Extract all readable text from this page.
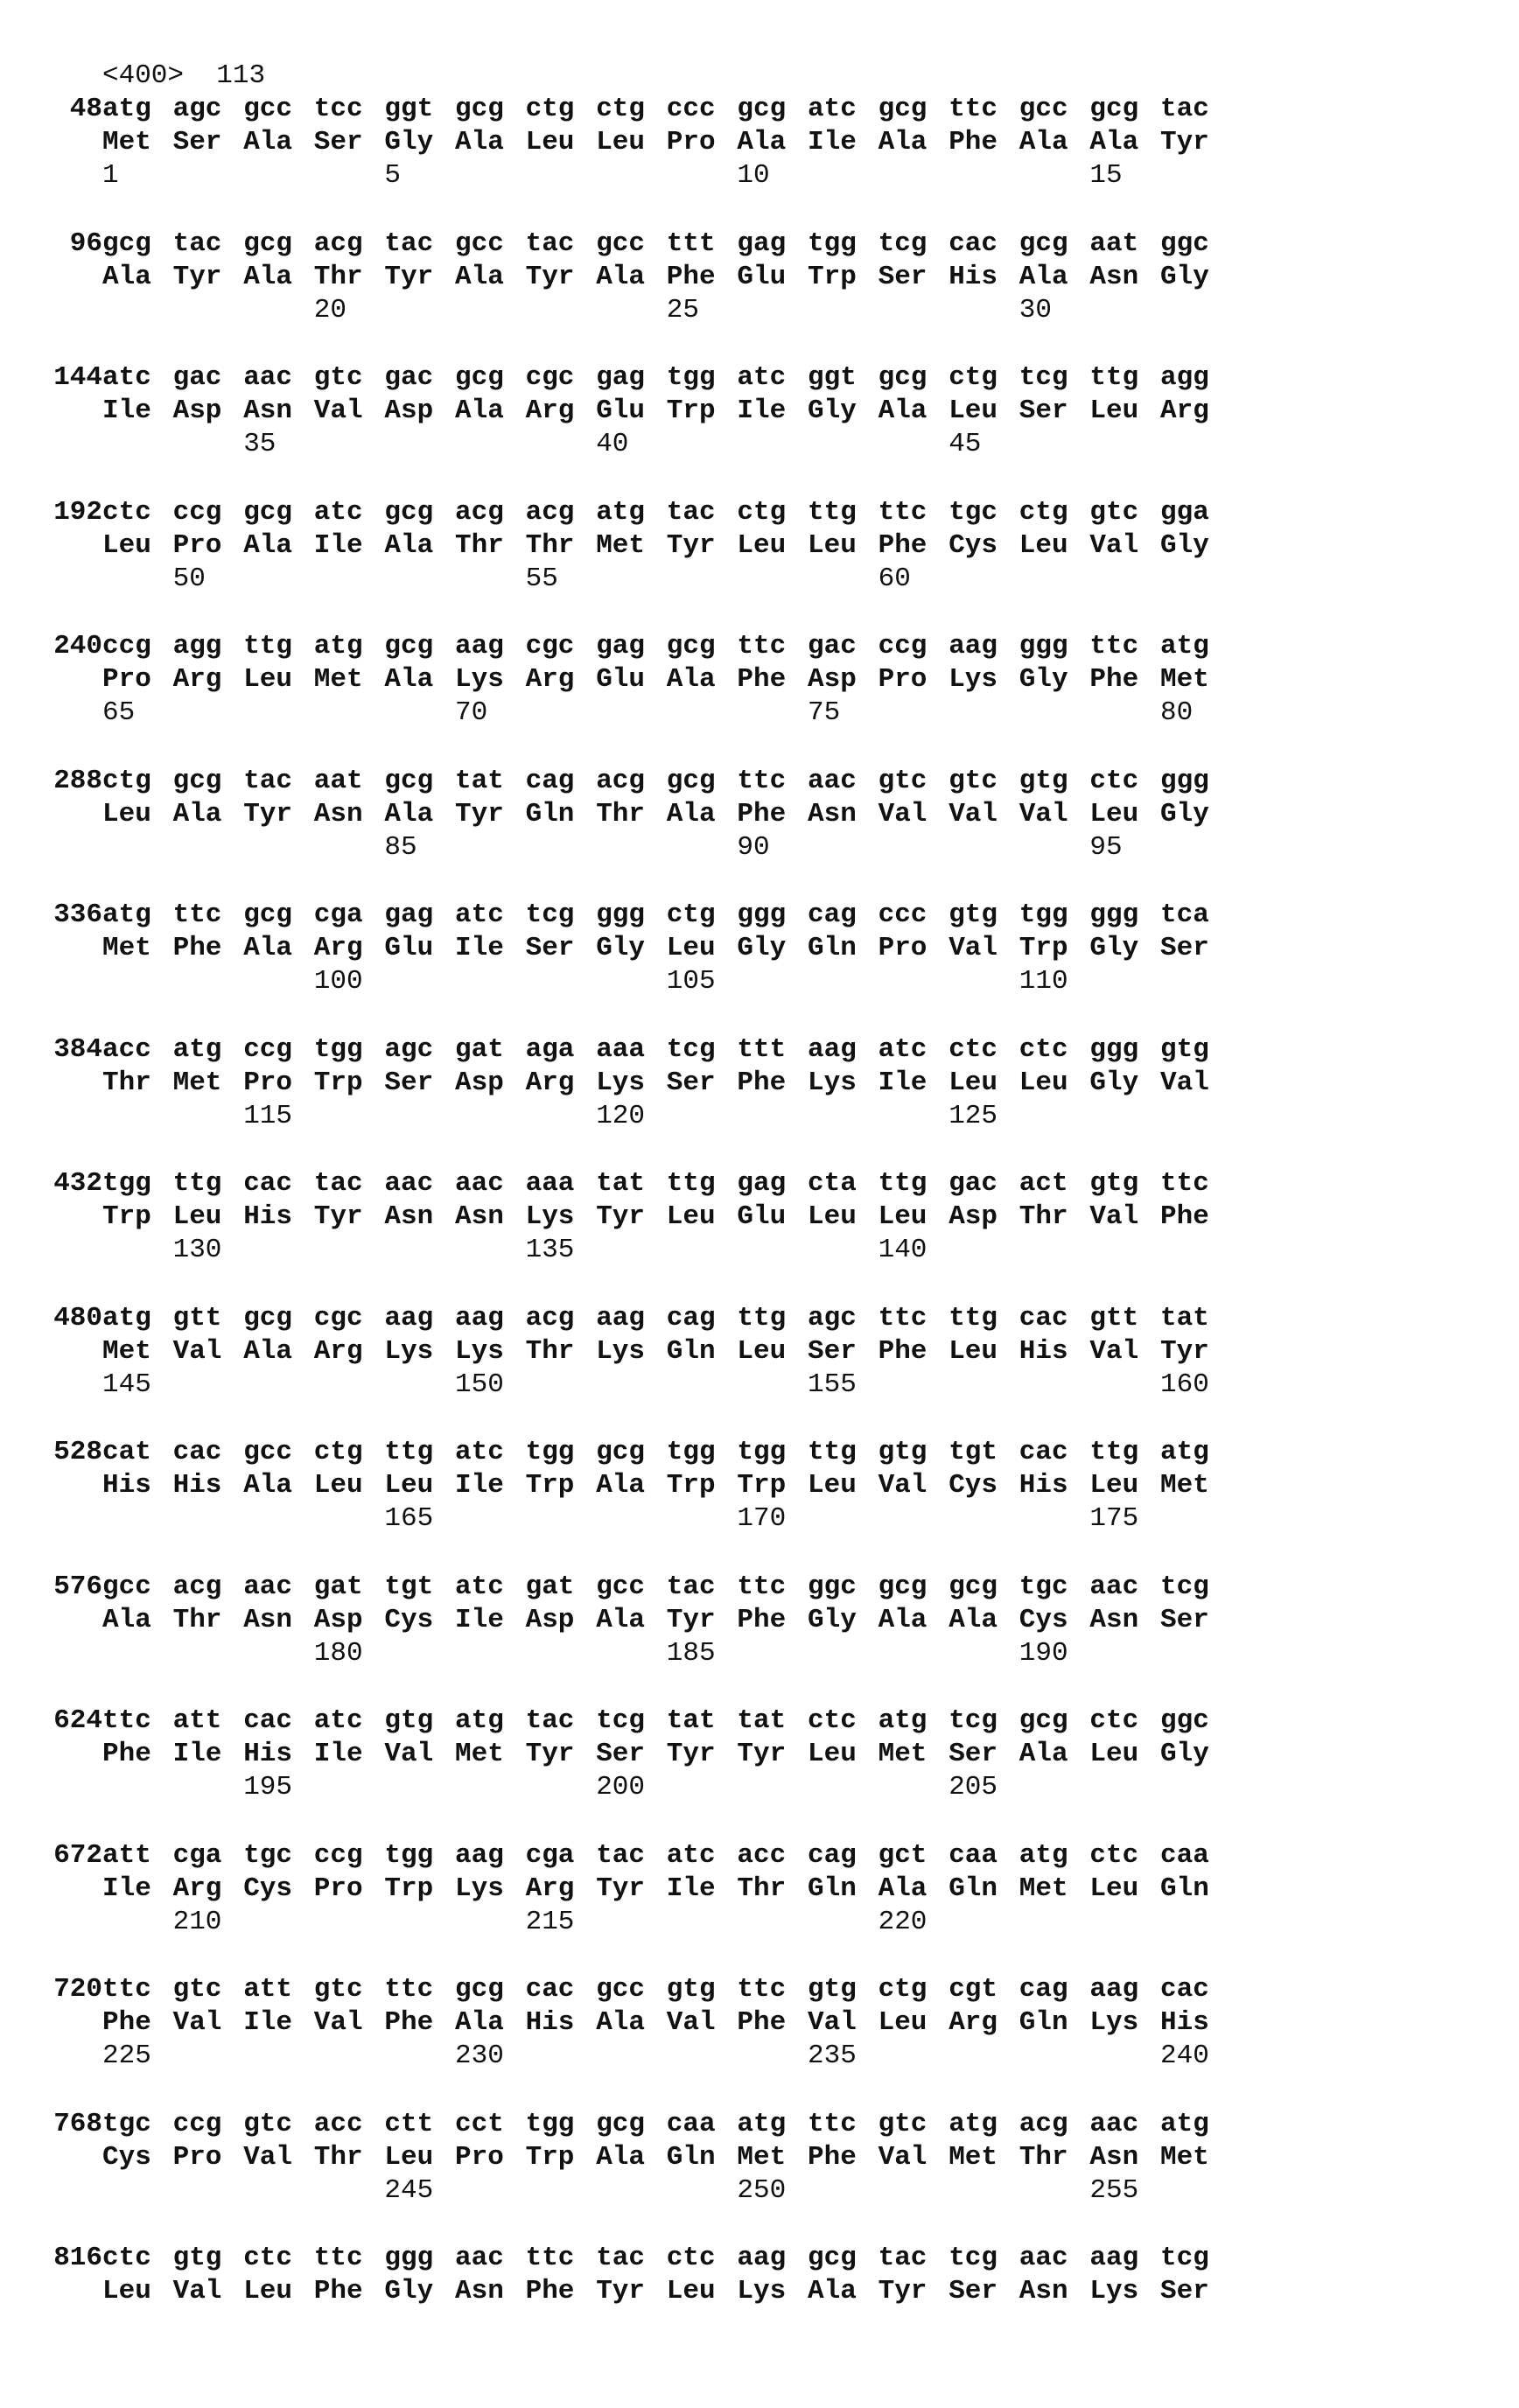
<400> 113
atg agc gcc tcc ggt gcg ctg ctg ccc gcg atc gcg ttc gcc gcg tac
48
Met Ser Ala Ser Gly Ala Leu Leu Pro Ala Ile Ala Phe Ala Ala Tyr
1	5	10	15
gcg tac gcg acg tac gcc tac gcc ttt gag tgg tcg cac gcg aat ggc
96
Ala Tyr Ala Thr Tyr Ala Tyr Ala Phe Glu Trp Ser His Ala Asn Gly
20	25	30
atc gac aac gtc gac gcg cgc gag tgg atc ggt gcg ctg tcg ttg agg
144
Ile Asp Asn Val Asp Ala Arg Glu Trp Ile Gly Ala Leu Ser Leu Arg
35	40	45
ctc ccg gcg atc gcg acg acg atg tac ctg ttg ttc tgc ctg gtc gga
192
Leu Pro Ala Ile Ala Thr Thr Met Tyr Leu Leu Phe Cys Leu Val Gly
50	55	60
ccg agg ttg atg gcg aag cgc gag gcg ttc gac ccg aag ggg ttc atg
240
Pro Arg Leu Met Ala Lys Arg Glu Ala Phe Asp Pro Lys Gly Phe Met
65	70	75	80
ctg gcg tac aat gcg tat cag acg gcg ttc aac gtc gtc gtg ctc ggg
288
Leu Ala Tyr Asn Ala Tyr Gln Thr Ala Phe Asn Val Val Val Leu Gly
85	90	95
atg ttc gcg cga gag atc tcg ggg ctg ggg cag ccc gtg tgg ggg tca
336
Met Phe Ala Arg Glu Ile Ser Gly Leu Gly Gln Pro Val Trp Gly Ser
100	105	110
acc atg ccg tgg agc gat aga aaa tcg ttt aag atc ctc ctc ggg gtg
384
Thr Met Pro Trp Ser Asp Arg Lys Ser Phe Lys Ile Leu Leu Gly Val
115	120	125
tgg ttg cac tac aac aac aaa tat ttg gag cta ttg gac act gtg ttc
432
Trp Leu His Tyr Asn Asn Lys Tyr Leu Glu Leu Leu Asp Thr Val Phe
130	135	140
atg gtt gcg cgc aag aag acg aag cag ttg agc ttc ttg cac gtt tat
480
Met Val Ala Arg Lys Lys Thr Lys Gln Leu Ser Phe Leu His Val Tyr
145	150	155	160
cat cac gcc ctg ttg atc tgg gcg tgg tgg ttg gtg tgt cac ttg atg
528
His His Ala Leu Leu Ile Trp Ala Trp Trp Leu Val Cys His Leu Met
165	170	175
gcc acg aac gat tgt atc gat gcc tac ttc ggc gcg gcg tgc aac tcg
576
Ala Thr Asn Asp Cys Ile Asp Ala Tyr Phe Gly Ala Ala Cys Asn Ser
180	185	190
ttc att cac atc gtg atg tac tcg tat tat ctc atg tcg gcg ctc ggc
624
Phe Ile His Ile Val Met Tyr Ser Tyr Tyr Leu Met Ser Ala Leu Gly
195	200	205
att cga tgc ccg tgg aag cga tac atc acc cag gct caa atg ctc caa
672
Ile Arg Cys Pro Trp Lys Arg Tyr Ile Thr Gln Ala Gln Met Leu Gln
210	215	220
ttc gtc att gtc ttc gcg cac gcc gtg ttc gtg ctg cgt cag aag cac
720
Phe Val Ile Val Phe Ala His Ala Val Phe Val Leu Arg Gln Lys His
225	230	235	240
tgc ccg gtc acc ctt cct tgg gcg caa atg ttc gtc atg acg aac atg
768
Cys Pro Val Thr Leu Pro Trp Ala Gln Met Phe Val Met Thr Asn Met
245	250	255
ctc gtg ctc ttc ggg aac ttc tac ctc aag gcg tac tcg aac aag tcg
816
Leu Val Leu Phe Gly Asn Phe Tyr Leu Lys Ala Tyr Ser Asn Lys Ser
